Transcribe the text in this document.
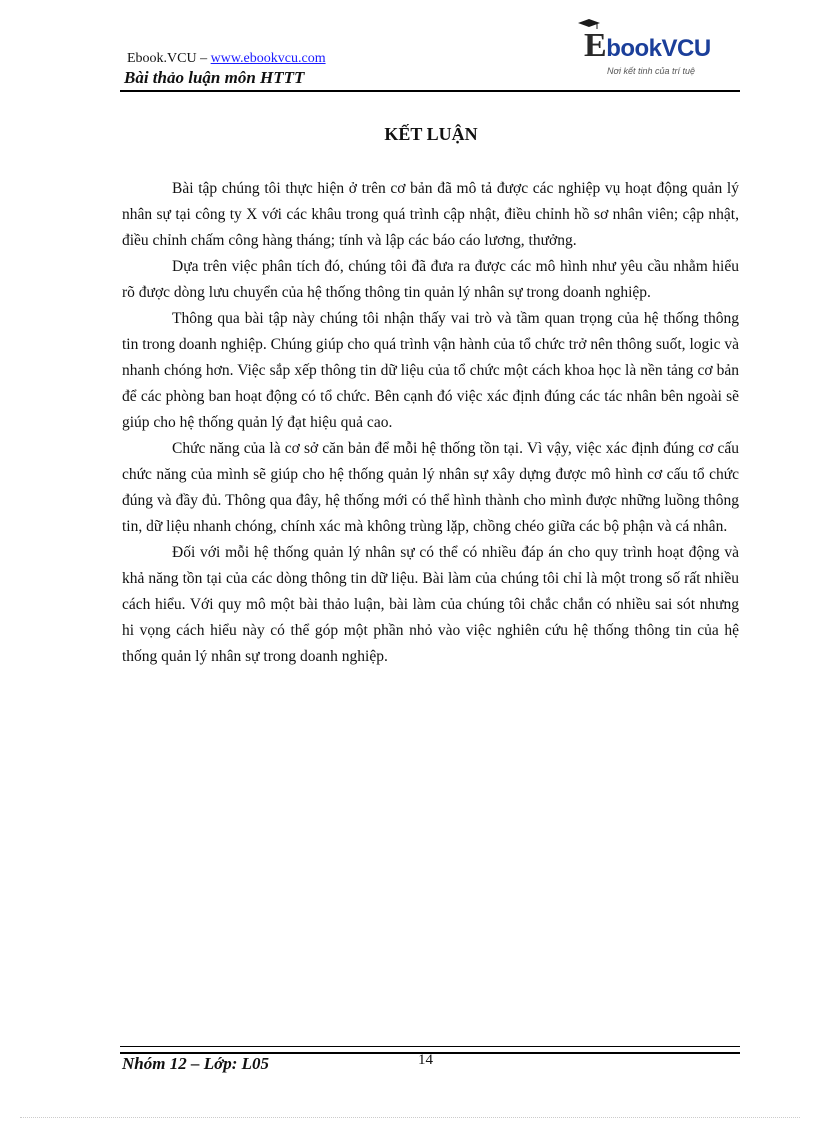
Ebook.VCU – www.ebookvcu.com
Bài thảo luận môn HTTT
EbookVCU
Nơi kết tinh của trí tuệ
KẾT LUẬN

Bài tập chúng tôi thực hiện ở trên cơ bản đã mô tả được các nghiệp vụ hoạt động quản lý nhân sự tại công ty X với các khâu trong quá trình cập nhật, điều chỉnh hồ sơ nhân viên; cập nhật, điều chỉnh chấm công hàng tháng; tính và lập các báo cáo lương, thưởng.

Dựa trên việc phân tích đó, chúng tôi đã đưa ra được các mô hình như yêu cầu nhằm hiểu rõ được dòng lưu chuyển của hệ thống thông tin quản lý nhân sự trong doanh nghiệp.

Thông qua bài tập này chúng tôi nhận thấy vai trò và tầm quan trọng của hệ thống thông tin trong doanh nghiệp. Chúng giúp cho quá trình vận hành của tổ chức trở nên thông suốt, logic và nhanh chóng hơn. Việc sắp xếp thông tin dữ liệu của tổ chức một cách khoa học là nền tảng cơ bản để các phòng ban hoạt động có tổ chức. Bên cạnh đó việc xác định đúng các tác nhân bên ngoài sẽ giúp cho hệ thống quản lý đạt hiệu quả cao.

Chức năng của là cơ sở căn bản để mỗi hệ thống tồn tại. Vì vậy, việc xác định đúng cơ cấu chức năng của mình sẽ giúp cho hệ thống quản lý nhân sự xây dựng được mô hình cơ cấu tổ chức đúng và đầy đủ. Thông qua đây, hệ thống mới có thể hình thành cho mình được những luồng thông tin, dữ liệu nhanh chóng, chính xác mà không trùng lặp, chồng chéo giữa các bộ phận và cá nhân.

Đối với mỗi hệ thống quản lý nhân sự có thể có nhiều đáp án cho quy trình hoạt động và khả năng tồn tại của các dòng thông tin dữ liệu. Bài làm của chúng tôi chỉ là một trong số rất nhiều cách hiểu. Với quy mô một bài thảo luận, bài làm của chúng tôi chắc chắn có nhiều sai sót nhưng hi vọng cách hiểu này có thể góp một phần nhỏ vào việc nghiên cứu hệ thống thông tin của hệ thống quản lý nhân sự trong doanh nghiệp.

Nhóm 12 – Lớp: L05	14
